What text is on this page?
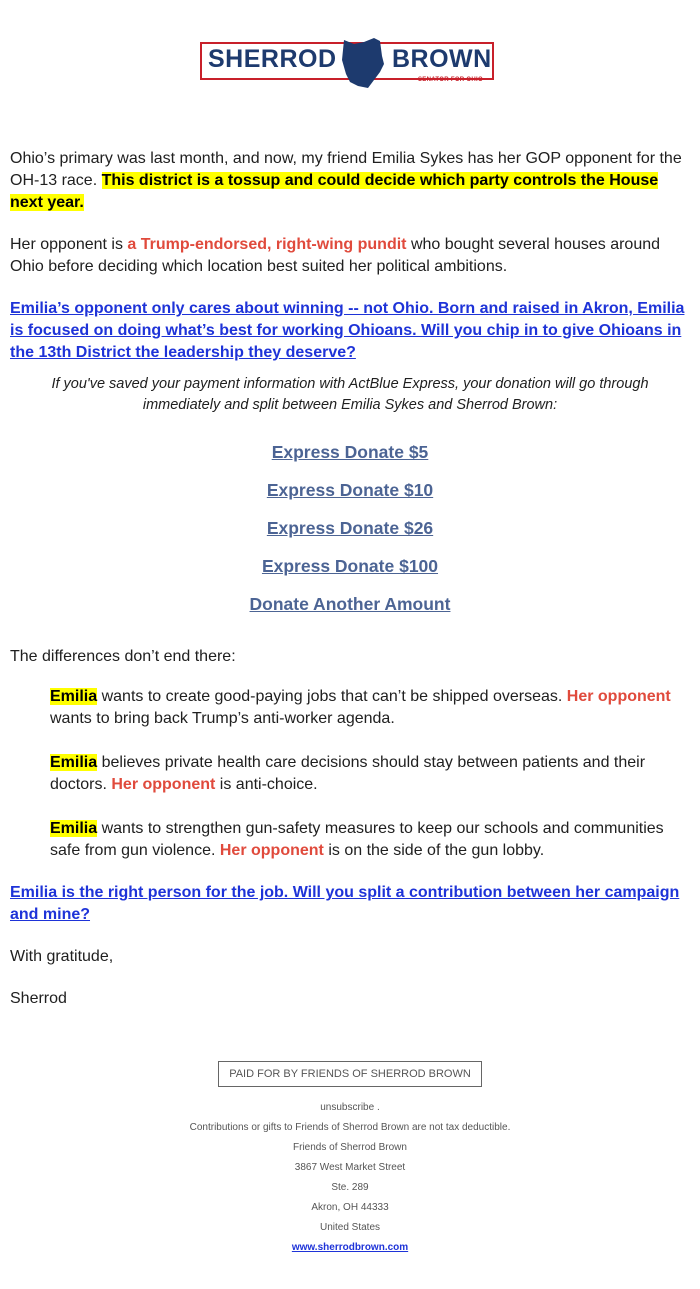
SHERROD BROWN
SENATOR FOR OHIO

Ohio’s primary was last month, and now, my friend Emilia Sykes has her GOP opponent for the OH-13 race. This district is a tossup and could decide which party controls the House next year.

Her opponent is a Trump-endorsed, right-wing pundit who bought several houses around Ohio before deciding which location best suited her political ambitions.

Emilia’s opponent only cares about winning -- not Ohio. Born and raised in Akron, Emilia is focused on doing what’s best for working Ohioans. Will you chip in to give Ohioans in the 13th District the leadership they deserve?

If you've saved your payment information with ActBlue Express, your donation will go through immediately and split between Emilia Sykes and Sherrod Brown:

Express Donate $5
Express Donate $10
Express Donate $26
Express Donate $100
Donate Another Amount

The differences don’t end there:

Emilia wants to create good-paying jobs that can’t be shipped overseas. Her opponent wants to bring back Trump’s anti-worker agenda.

Emilia believes private health care decisions should stay between patients and their doctors. Her opponent is anti-choice.

Emilia wants to strengthen gun-safety measures to keep our schools and communities safe from gun violence. Her opponent is on the side of the gun lobby.

Emilia is the right person for the job. Will you split a contribution between her campaign and mine?

With gratitude,

Sherrod

PAID FOR BY FRIENDS OF SHERROD BROWN
unsubscribe .
Contributions or gifts to Friends of Sherrod Brown are not tax deductible.
Friends of Sherrod Brown
3867 West Market Street
Ste. 289
Akron, OH 44333
United States
www.sherrodbrown.com
